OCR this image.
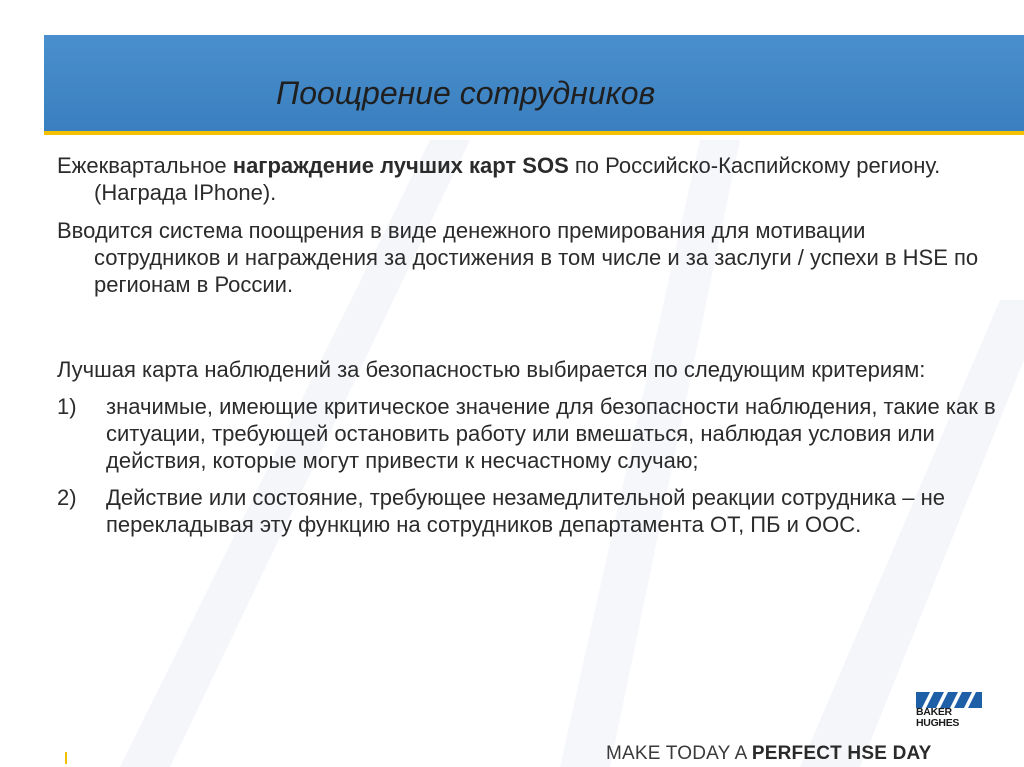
Поощрение сотрудников

Ежеквартальное награждение лучших карт SOS по Российско-Каспийскому региону. (Награда IPhone).

Вводится система поощрения в виде денежного премирования для мотивации сотрудников и награждения за достижения в том числе и за заслуги / успехи в HSE по регионам в России.

Лучшая карта наблюдений за безопасностью выбирается по следующим критериям:

1) значимые, имеющие критическое значение для безопасности наблюдения, такие как в ситуации, требующей остановить работу или вмешаться, наблюдая условия или действия, которые могут привести к несчастному случаю;
2) Действие или состояние, требующее незамедлительной реакции сотрудника – не перекладывая эту функцию на сотрудников департамента ОТ, ПБ и ООС.
BAKER
HUGHES
MAKE TODAY A PERFECT HSE DAY
